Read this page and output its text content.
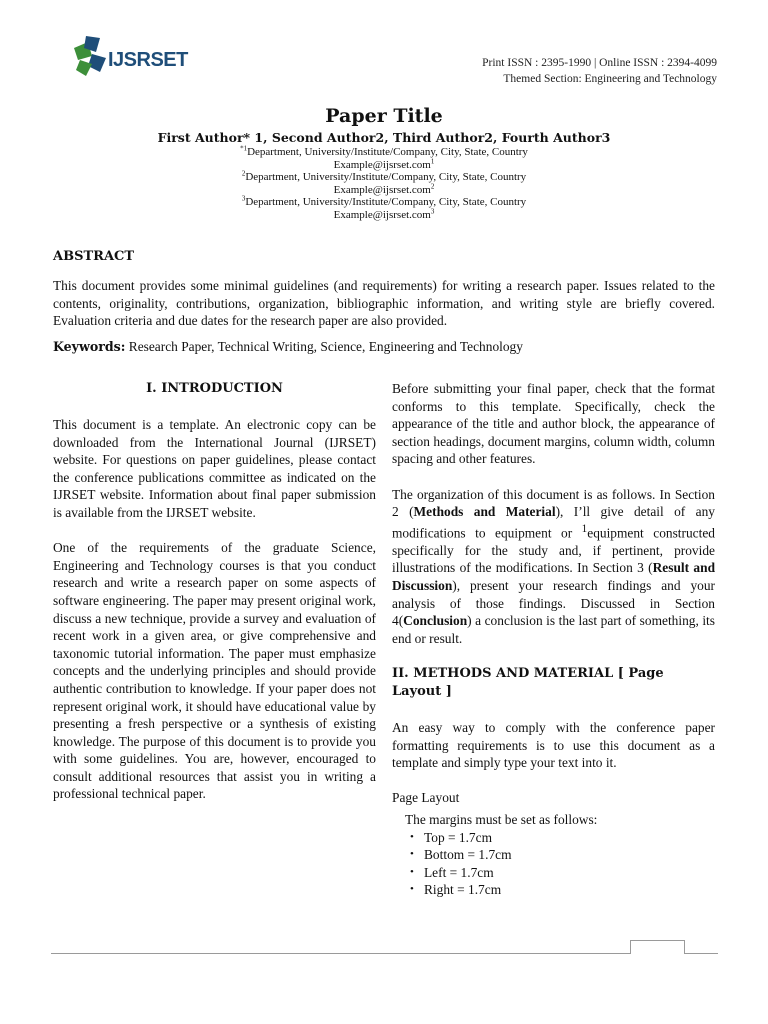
IJSRSET	Print ISSN : 2395-1990 | Online ISSN : 2394-4099
Themed Section: Engineering and Technology
Paper Title
First Author* 1, Second Author2, Third Author2, Fourth Author3
$^{*1}$Department, University/Institute/Company, City, State, Country
Example@ijsrset.com$^1$
$^2$Department, University/Institute/Company, City, State, Country
Example@ijsrset.com$^2$
$^3$Department, University/Institute/Company, City, State, Country
Example@ijsrset.com$^3$
ABSTRACT
This document provides some minimal guidelines (and requirements) for writing a research paper. Issues related to the contents, originality, contributions, organization, bibliographic information, and writing style are briefly covered. Evaluation criteria and due dates for the research paper are also provided.
Keywords: Research Paper, Technical Writing, Science, Engineering and Technology
I. INTRODUCTION

This document is a template. An electronic copy can be downloaded from the International Journal (IJRSET) website. For questions on paper guidelines, please contact the conference publications committee as indicated on the IJRSET website. Information about final paper submission is available from the IJRSET website.

One of the requirements of the graduate Science, Engineering and Technology courses is that you conduct research and write a research paper on some aspects of software engineering. The paper may present original work, discuss a new technique, provide a survey and evaluation of recent work in a given area, or give comprehensive and taxonomic tutorial information. The paper must emphasize concepts and the underlying principles and should provide authentic contribution to knowledge. If your paper does not represent original work, it should have educational value by presenting a fresh perspective or a synthesis of existing knowledge. The purpose of this document is to provide you with some guidelines. You are, however, encouraged to consult additional resources that assist you in writing a professional technical paper.

Before submitting your final paper, check that the format conforms to this template. Specifically, check the appearance of the title and author block, the appearance of section headings, document margins, column width, column spacing and other features.

The organization of this document is as follows. In Section 2 (Methods and Material), I’ll give detail of any modifications to equipment or $^1$equipment constructed specifically for the study and, if pertinent, provide illustrations of the modifications. In Section 3 (Result and Discussion), present your research findings and your analysis of those findings. Discussed in Section 4(Conclusion) a conclusion is the last part of something, its end or result.

II. METHODS AND MATERIAL [ Page Layout ]

An easy way to comply with the conference paper formatting requirements is to use this document as a template and simply type your text into it.

Page Layout
The margins must be set as follows:
• Top = 1.7cm
• Bottom = 1.7cm
• Left = 1.7cm
• Right = 1.7cm
